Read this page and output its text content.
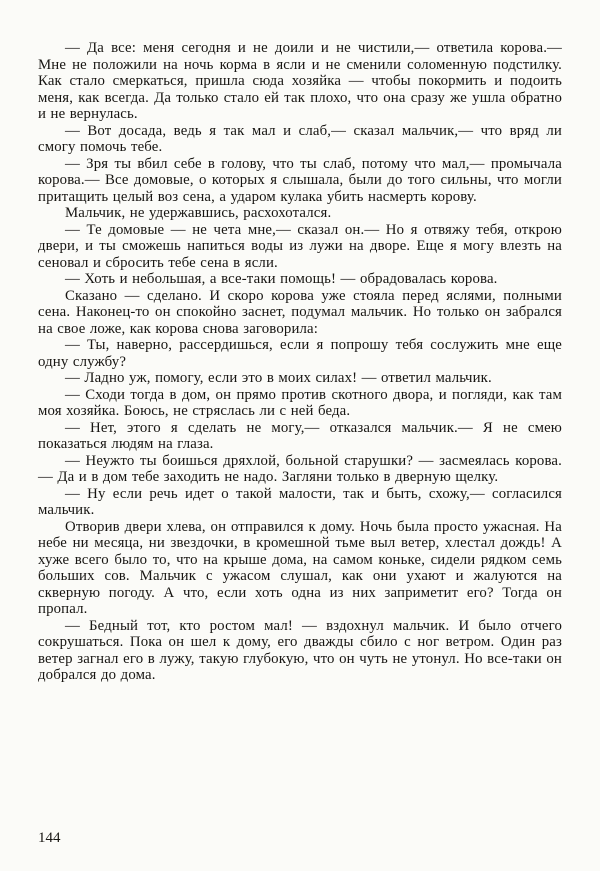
— Да все: меня сегодня и не доили и не чистили,— ответила корова.— Мне не положили на ночь корма в ясли и не сменили соломенную подстилку. Как стало смеркаться, пришла сюда хозяйка — чтобы покормить и подоить меня, как всегда. Да только стало ей так плохо, что она сразу же ушла обратно и не вернулась.

— Вот досада, ведь я так мал и слаб,— сказал мальчик,— что вряд ли смогу помочь тебе.

— Зря ты вбил себе в голову, что ты слаб, потому что мал,— промычала корова.— Все домовые, о которых я слышала, были до того сильны, что могли притащить целый воз сена, а ударом кулака убить насмерть корову.

Мальчик, не удержавшись, расхохотался.

— Те домовые — не чета мне,— сказал он.— Но я отвяжу тебя, открою двери, и ты сможешь напиться воды из лужи на дворе. Еще я могу влезть на сеновал и сбросить тебе сена в ясли.

— Хоть и небольшая, а все-таки помощь! — обрадовалась корова.

Сказано — сделано. И скоро корова уже стояла перед яслями, полными сена. Наконец-то он спокойно заснет, подумал мальчик. Но только он забрался на свое ложе, как корова снова заговорила:

— Ты, наверно, рассердишься, если я попрошу тебя сослужить мне еще одну службу?

— Ладно уж, помогу, если это в моих силах! — ответил мальчик.

— Сходи тогда в дом, он прямо против скотного двора, и погляди, как там моя хозяйка. Боюсь, не стряслась ли с ней беда.

— Нет, этого я сделать не могу,— отказался мальчик.— Я не смею показаться людям на глаза.

— Неужто ты боишься дряхлой, больной старушки? — засмеялась корова.— Да и в дом тебе заходить не надо. Загляни только в дверную щелку.

— Ну если речь идет о такой малости, так и быть, схожу,— согласился мальчик.

Отворив двери хлева, он отправился к дому. Ночь была просто ужасная. На небе ни месяца, ни звездочки, в кромешной тьме выл ветер, хлестал дождь! А хуже всего было то, что на крыше дома, на самом коньке, сидели рядком семь больших сов. Мальчик с ужасом слушал, как они ухают и жалуются на скверную погоду. А что, если хоть одна из них заприметит его? Тогда он пропал.

— Бедный тот, кто ростом мал! — вздохнул мальчик. И было отчего сокрушаться. Пока он шел к дому, его дважды сбило с ног ветром. Один раз ветер загнал его в лужу, такую глубокую, что он чуть не утонул. Но все-таки он добрался до дома.

144
